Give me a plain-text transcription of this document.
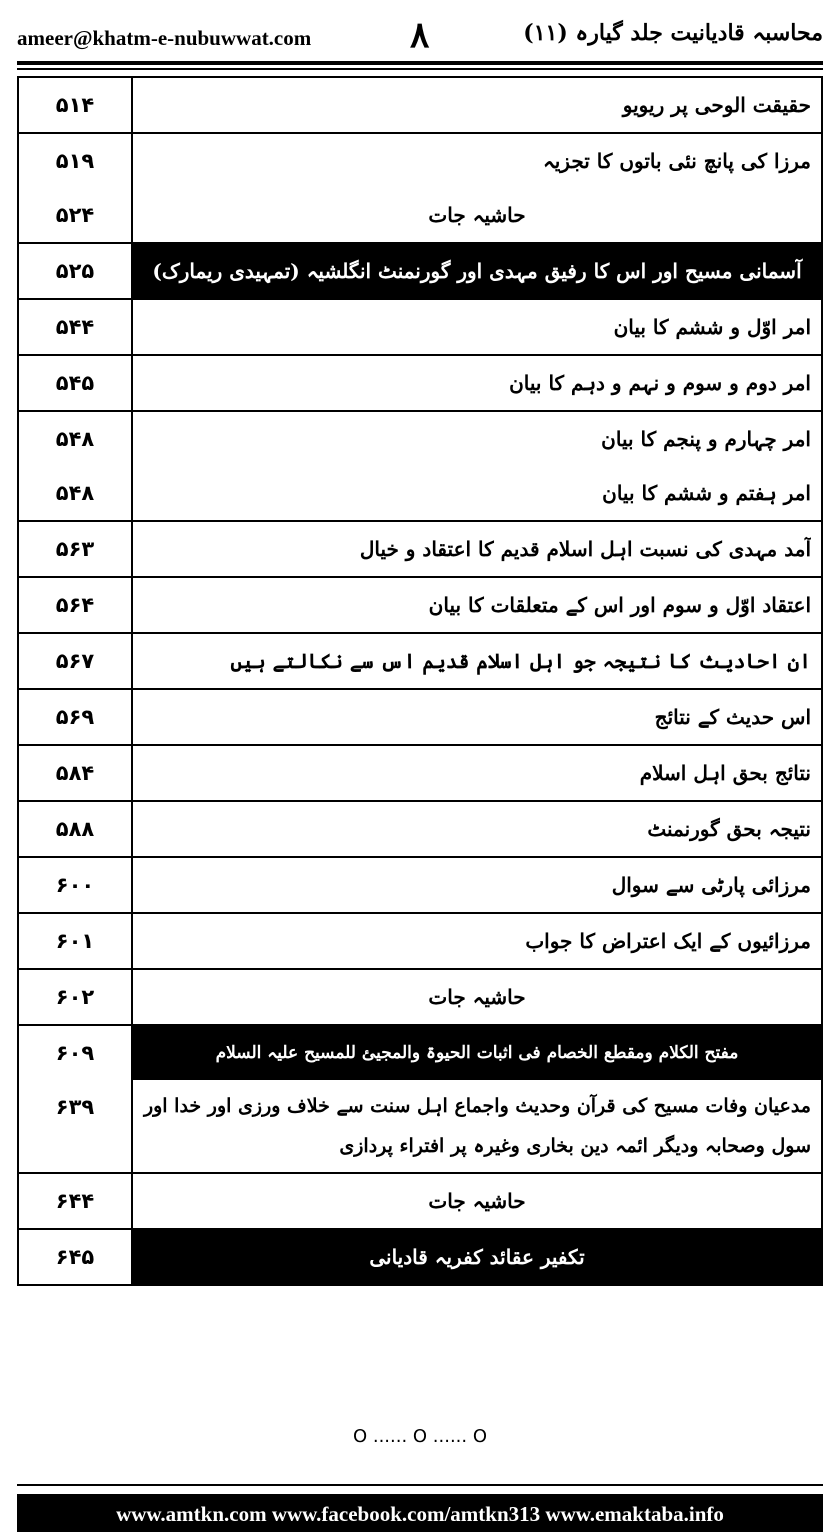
ameer@khatm-e-nubuwwat.com	۸	محاسبہ قادیانیت جلد گیارہ (۱۱)
۵۱۴	حقیقت الوحی پر ریویو
۵۱۹	مرزا کی پانچ نئی باتوں کا تجزیہ
۵۲۴	حاشیہ جات
۵۲۵	آسمانی مسیح اور اس کا رفیق مہدی اور گورنمنٹ انگلشیہ (تمہیدی ریمارک)
۵۴۴	امر اوّل و ششم کا بیان
۵۴۵	امر دوم و سوم و نہم و دہم کا بیان
۵۴۸	امر چہارم و پنجم کا بیان
۵۴۸	امر ہفتم و ششم کا بیان
۵۶۳	آمد مہدی کی نسبت اہل اسلام قدیم کا اعتقاد و خیال
۵۶۴	اعتقاد اوّل و سوم اور اس کے متعلقات کا بیان
۵۶۷	ان احادیث کا نتیجہ جو اہل اسلام قدیم اس سے نکالتے ہیں
۵۶۹	اس حدیث کے نتائج
۵۸۴	نتائج بحق اہل اسلام
۵۸۸	نتیجہ بحق گورنمنٹ
۶۰۰	مرزائی پارٹی سے سوال
۶۰۱	مرزائیوں کے ایک اعتراض کا جواب
۶۰۲	حاشیہ جات
۶۰۹	مفتح الکلام ومقطع الخصام فی اثبات الحیوۃ والمجیئ للمسیح علیہ السلام
۶۳۹	مدعیان وفات مسیح کی قرآن وحدیث واجماع اہل سنت سے خلاف ورزی اور خدا اور سول وصحابہ ودیگر ائمہ دین بخاری وغیرہ پر افتراء پردازی
۶۴۴	حاشیہ جات
۶۴۵	تکفیر عقائد کفریہ قادیانی
O ...... O ...... O
www.amtkn.com www.facebook.com/amtkn313 www.emaktaba.info
